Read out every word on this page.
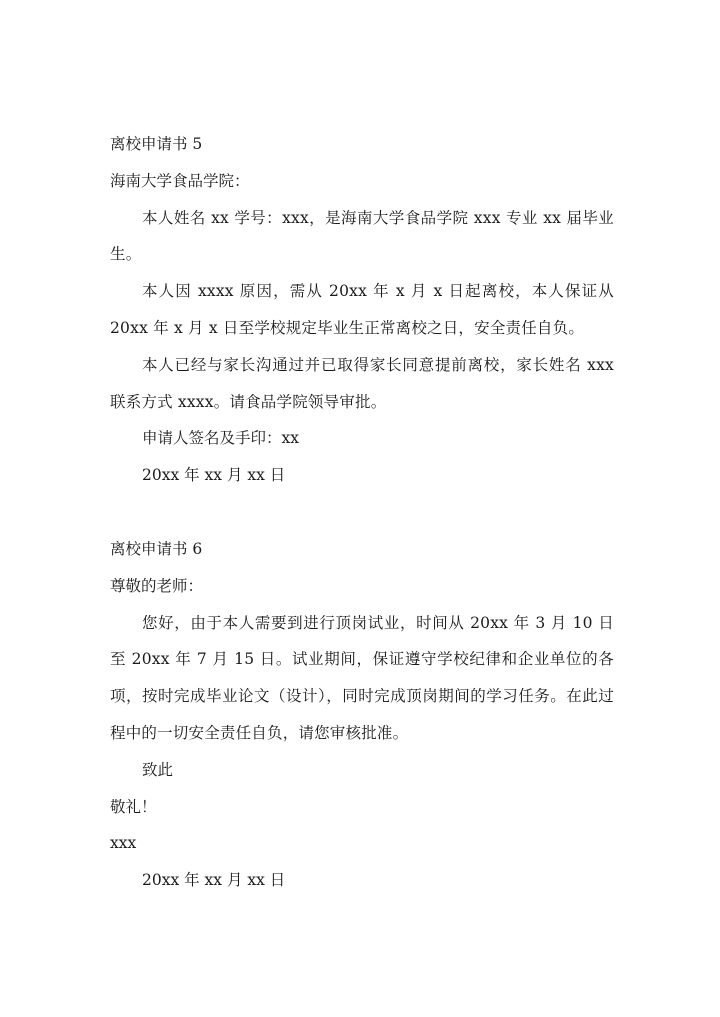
离校申请书 5

海南大学食品学院：

本人姓名 xx 学号：xxx，是海南大学食品学院 xxx 专业 xx 届毕业生。

本人因 xxxx 原因，需从 20xx 年 x 月 x 日起离校，本人保证从 20xx 年 x 月 x 日至学校规定毕业生正常离校之日，安全责任自负。

本人已经与家长沟通过并已取得家长同意提前离校，家长姓名 xxx 联系方式 xxxx。请食品学院领导审批。

申请人签名及手印：xx

20xx 年 xx 月 xx 日

离校申请书 6

尊敬的老师：

您好，由于本人需要到进行顶岗试业，时间从 20xx 年 3 月 10 日至 20xx 年 7 月 15 日。试业期间，保证遵守学校纪律和企业单位的各项，按时完成毕业论文（设计），同时完成顶岗期间的学习任务。在此过程中的一切安全责任自负，请您审核批准。

致此

敬礼！

xxx

20xx 年 xx 月 xx 日
